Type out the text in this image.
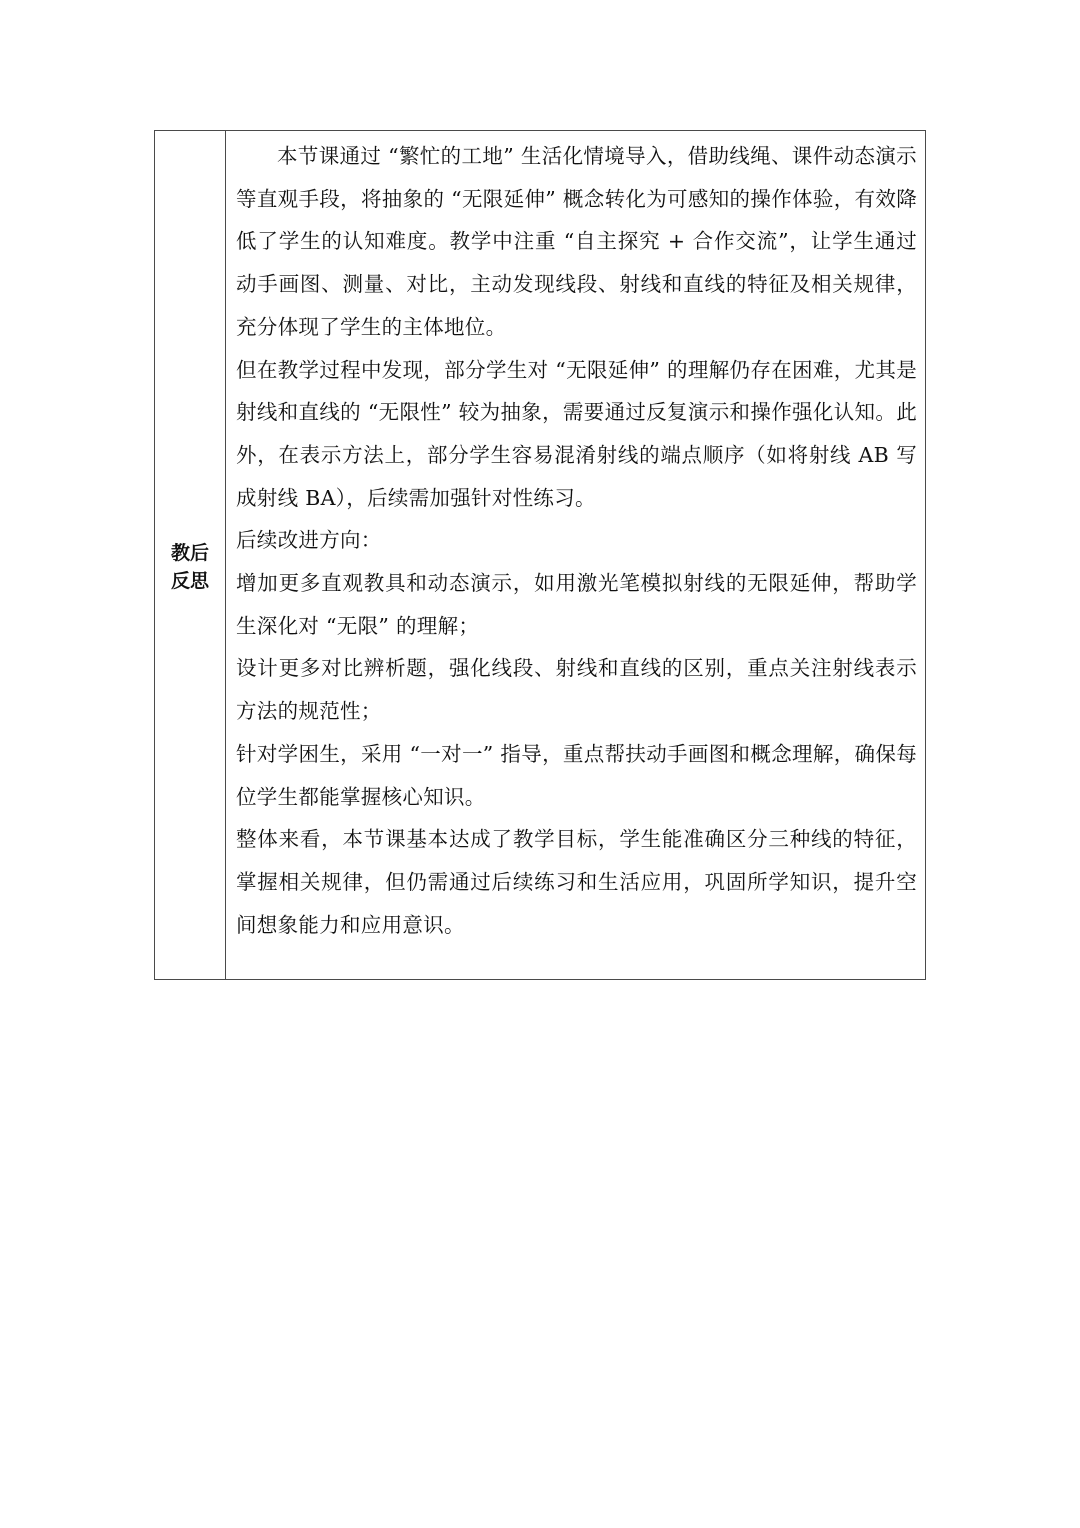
教后反思

本节课通过 “繁忙的工地” 生活化情境导入，借助线绳、课件动态演示等直观手段，将抽象的 “无限延伸” 概念转化为可感知的操作体验，有效降低了学生的认知难度。教学中注重 “自主探究 + 合作交流”，让学生通过动手画图、测量、对比，主动发现线段、射线和直线的特征及相关规律，充分体现了学生的主体地位。

但在教学过程中发现，部分学生对 “无限延伸” 的理解仍存在困难，尤其是射线和直线的 “无限性” 较为抽象，需要通过反复演示和操作强化认知。此外，在表示方法上，部分学生容易混淆射线的端点顺序（如将射线 AB 写成射线 BA），后续需加强针对性练习。

后续改进方向：

增加更多直观教具和动态演示，如用激光笔模拟射线的无限延伸，帮助学生深化对 “无限” 的理解；

设计更多对比辨析题，强化线段、射线和直线的区别，重点关注射线表示方法的规范性；

针对学困生，采用 “一对一” 指导，重点帮扶动手画图和概念理解，确保每位学生都能掌握核心知识。

整体来看，本节课基本达成了教学目标，学生能准确区分三种线的特征，掌握相关规律，但仍需通过后续练习和生活应用，巩固所学知识，提升空间想象能力和应用意识。
